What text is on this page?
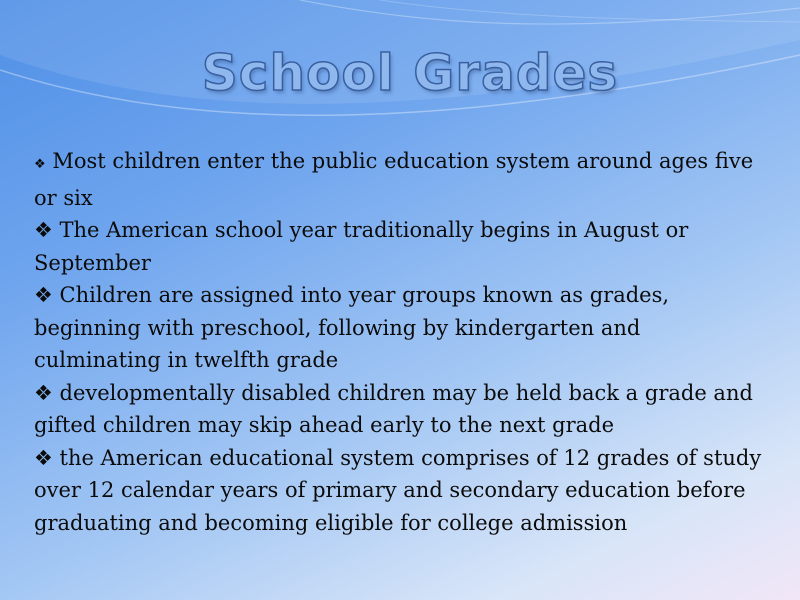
School Grades

❖ Most children enter the public education system around ages five or six

❖ The American school year traditionally begins in August or September

❖ Children are assigned into year groups known as grades, beginning with preschool, following by kindergarten and culminating in twelfth grade

❖ developmentally disabled children may be held back a grade and gifted children may skip ahead early to the next grade

❖ the American educational system comprises of 12 grades of study over 12 calendar years of primary and secondary education before graduating and becoming eligible for college admission
